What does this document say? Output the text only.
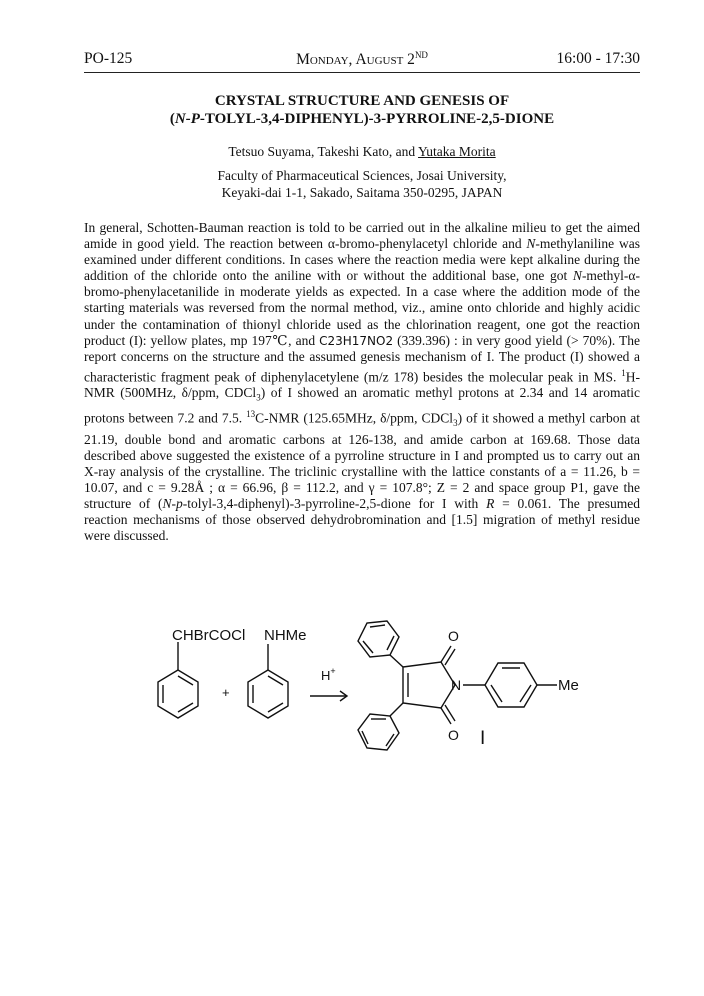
PO-125	Monday, August 2ND	16:00 - 17:30
CRYSTAL STRUCTURE AND GENESIS OF
(N-P-TOLYL-3,4-DIPHENYL)-3-PYRROLINE-2,5-DIONE
Tetsuo Suyama, Takeshi Kato, and Yutaka Morita
Faculty of Pharmaceutical Sciences, Josai University,
Keyaki-dai 1-1, Sakado, Saitama 350-0295, JAPAN

In general, Schotten-Bauman reaction is told to be carried out in the alkaline milieu to get the aimed amide in good yield. The reaction between α-bromo-phenylacetyl chloride and N-methylaniline was examined under different conditions. In cases where the reaction media were kept alkaline during the addition of the chloride onto the aniline with or without the additional base, one got N-methyl-α-bromo-phenylacetanilide in moderate yields as expected. In a case where the addition mode of the starting materials was reversed from the normal method, viz., amine onto chloride and highly acidic under the contamination of thionyl chloride used as the chlorination reagent, one got the reaction product (I): yellow plates, mp 197℃, and C23H17NO2 (339.396) : in very good yield (> 70%). The report concerns on the structure and the assumed genesis mechanism of I. The product (I) showed a characteristic fragment peak of diphenylacetylene (m/z 178) besides the molecular peak in MS. $^1$H-NMR (500MHz, δ/ppm, CDCl$_3$) of I showed an aromatic methyl protons at 2.34 and 14 aromatic protons between 7.2 and 7.5. $^{13}$C-NMR (125.65MHz, δ/ppm, CDCl$_3$) of it showed a methyl carbon at 21.19, double bond and aromatic carbons at 126-138, and amide carbon at 169.68. Those data described above suggested the existence of a pyrroline structure in I and prompted us to carry out an X-ray analysis of the crystalline. The triclinic crystalline with the lattice constants of a = 11.26, b = 10.07, and c = 9.28Å ; α = 66.96, β = 112.2, and γ = 107.8°; Z = 2 and space group P1, gave the structure of (N-p-tolyl-3,4-diphenyl)-3-pyrroline-2,5-dione for I with R = 0.061. The presumed reaction mechanisms of those observed dehydrobromination and [1.5] migration of methyl residue were discussed.

CHBrCOCl
+
NHMe
H+
O
N
O
Me
I
